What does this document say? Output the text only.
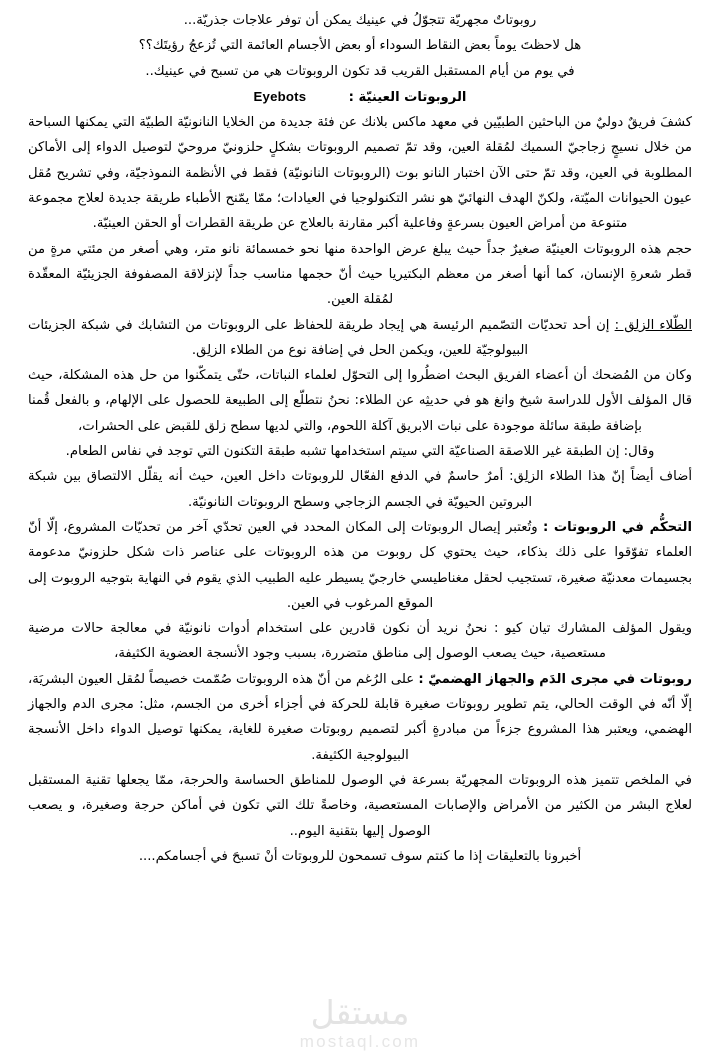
روبوتاتٌ مجهريّة تتجوّلُ في عينيك يمكن أن توفر علاجات جذريّة...

هل لاحظتَ يوماً بعض النقاط السوداء أو بعض الأجسام العائمة التي تُزعجُ رؤيتَك؟؟

في يوم من أيام المستقبل القريب قد تكون الروبوتات هي من تسبح في عينيك..

الروبوتات العينيّة :  Eyebots

كشفَ فريقٌ دوليٌ من الباحثين الطبيّين في معهد ماكس بلانك عن فئة جديدة من الخلايا النانونيّة الطبيّة التي يمكنها السباحة من خلال نسيجٍ زجاجيّ السميك لمُقلة العين، وقد تمّ تصميم الروبوتات بشكلٍ حلزونيّ مروحيّ لتوصيل الدواء إلى الأماكن المطلوبة في العين، وقد تمّ حتى الآن اختبار النانو بوت (الروبوتات النانونيّة) فقط في الأنظمة النموذجيّة، وفي تشريح مُقل عيون الحيوانات الميّتة، ولكنّ الهدف النهائيّ هو نشر التكنولوجيا في العيادات؛ ممّا يمّنح الأطباء طريقة جديدة لعلاج مجموعة متنوعة من أمراض العيون بسرعةٍ وفاعلية أكبر مقارنة بالعلاج عن طريقة القطرات أو الحقن العينيّة.

حجم هذه الروبوتات العينيّة صغيرٌ جداً حيث يبلغ عرض الواحدة منها نحو خمسمائة نانو متر، وهي أصغر من مئتي مرةٍ من قطر شعرةِ الإنسان، كما أنها أصغر من معظم البكتيريا حيث أنّ حجمها مناسب جداً لإنزلاقة المصفوفة الجزيئيّة المعقّدة لمُقلة العين.

الطّلاء الزلِق : إن أحد تحديّات التصّميم الرئيسة هي إيجاد طريقة للحفاظ على الروبوتات من التشابك في شبكة الجزيئات البيولوجيّة للعين، ويكمن الحل في إضافة نوع من الطلاء الزلِق.

وكان من المُضحك أن أعضاء الفريق البحث اضطُروا إلى التحوّل لعلماء النباتات، حتّى يتمكّنوا من حل هذه المشكلة، حيث قال المؤلف الأول للدراسة شيخ وانغ هو في حديثِه عن الطلاء: نحنُ نتطلّع إلى الطبيعة للحصول على الإلهام، و بالفعل قُمنا بإضافة طبقة سائلة موجودة على نبات الابريق آكلة اللحوم، والتي لديها سطح زلق للقبض على الحشرات،

وقال: إن الطبقة غير اللاصقة الصناعيّة التي سيتم استخدامها تشبه طبقة التكنون التي توجد في نفاس الطعام.

أضاف أيضاً إنّ هذا الطلاء الزلِق: أمرٌ حاسمٌ في الدفع الفعّال للروبوتات داخل العين، حيث أنه يقلّل الالتصاق بين شبكة البروتين الحيويّة في الجسم الزجاجي وسطح الروبوتات النانونيّة.

التحكُّم في الروبوتات : وتُعتبر إيصال الروبوتات إلى المكان المحدد في العين تحدّي آخر من تحديّات المشروع، إلّا أنّ العلماء تفوّقوا على ذلك بذكاء، حيث يحتوي كل روبوت من هذه الروبوتات على عناصر ذات شكل حلزونيّ مدعومة بجسيمات معدنيّة صغيرة، تستجيب لحقل مغناطيسي خارجيّ يسيطر عليه الطبيب الذي يقوم في النهاية بتوجيه الروبوت إلى الموقع المرغوب في العين.

ويقول المؤلف المشارك تيان كيو : نحنُ نريد أن نكون قادرين على استخدام أدوات نانونيّة في معالجة حالات مرضية مستعصية، حيث يصعب الوصول إلى مناطق متضررة، بسبب وجود الأنسجة العضوية الكثيفة،

روبوتات في مجرى الدَم والجهاز الهضميّ : على الرُغم من أنّ هذه الروبوتات صُمّمت خصيصاً لمُقل العيون البشريَة، إلّا أنّه في الوقت الحالي، يتم تطوير روبوتات صغيرة قابلة للحركة في أجزاء أخرى من الجسم، مثل: مجرى الدم والجهاز الهضمي، ويعتبر هذا المشروع جزءاً من مبادرةٍ أكبر لتصميم روبوتات صغيرة للغاية، يمكنها توصيل الدواء داخل الأنسجة البيولوجية الكثيفة.

في الملخص تتميز هذه الروبوتات المجهريّة بسرعة في الوصول للمناطق الحساسة والحرجة، ممّا يجعلها تقنية المستقبل لعلاج البشر من الكثير من الأمراض والإصابات المستعصية، وخاصةً تلك التي تكون في أماكن حرجة وصغيرة، و يصعب الوصول إليها بتقنية اليوم..

أخبرونا بالتعليقات إذا ما كنتم سوف تسمحون للروبوتات أنْ تسبحَ في أجسامكم....

مستقل
mostaql.com
